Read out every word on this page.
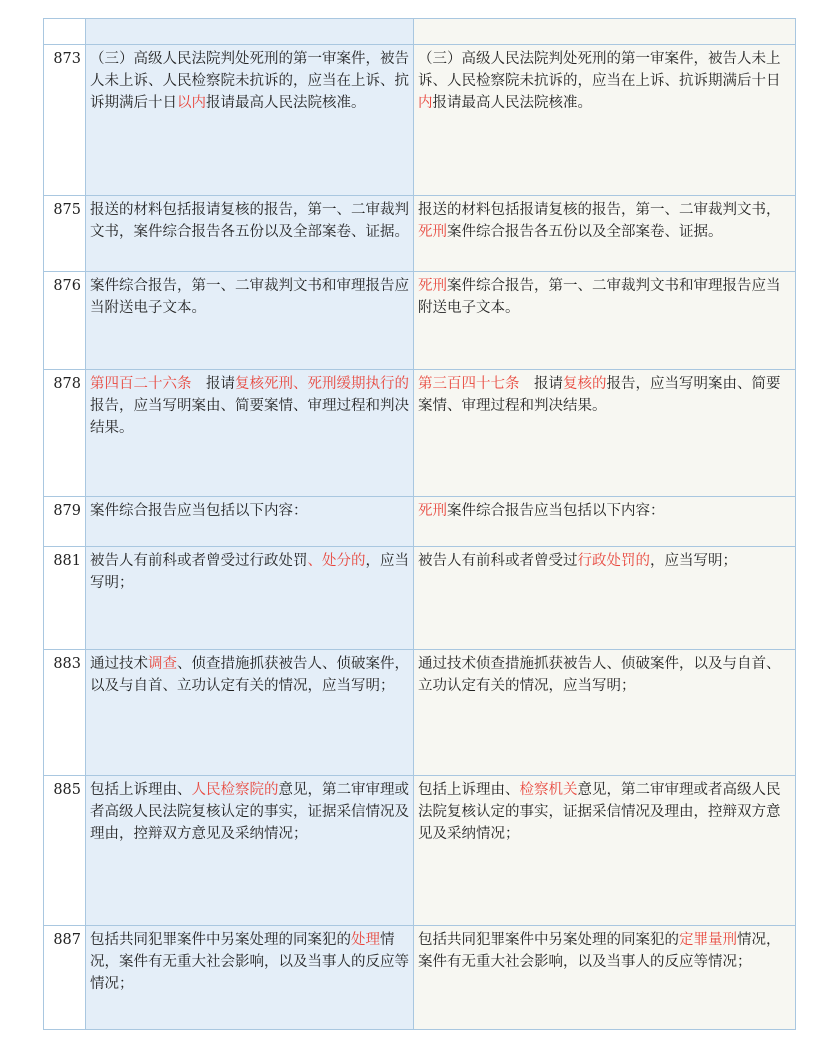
873	（三）高级人民法院判处死刑的第一审案件，被告人未上诉、人民检察院未抗诉的，应当在上诉、抗诉期满后十日以内报请最高人民法院核准。	（三）高级人民法院判处死刑的第一审案件，被告人未上诉、人民检察院未抗诉的，应当在上诉、抗诉期满后十日内报请最高人民法院核准。
875	报送的材料包括报请复核的报告，第一、二审裁判文书，案件综合报告各五份以及全部案卷、证据。	报送的材料包括报请复核的报告，第一、二审裁判文书，死刑案件综合报告各五份以及全部案卷、证据。
876	案件综合报告，第一、二审裁判文书和审理报告应当附送电子文本。	死刑案件综合报告，第一、二审裁判文书和审理报告应当附送电子文本。
878	第四百二十六条　报请复核死刑、死刑缓期执行的报告，应当写明案由、简要案情、审理过程和判决结果。	第三百四十七条　报请复核的报告，应当写明案由、简要案情、审理过程和判决结果。
879	案件综合报告应当包括以下内容：	死刑案件综合报告应当包括以下内容：
881	被告人有前科或者曾受过行政处罚、处分的，应当写明；	被告人有前科或者曾受过行政处罚的，应当写明；
883	通过技术调查、侦查措施抓获被告人、侦破案件，以及与自首、立功认定有关的情况，应当写明；	通过技术侦查措施抓获被告人、侦破案件，以及与自首、立功认定有关的情况，应当写明；
885	包括上诉理由、人民检察院的意见，第二审审理或者高级人民法院复核认定的事实，证据采信情况及理由，控辩双方意见及采纳情况；	包括上诉理由、检察机关意见，第二审审理或者高级人民法院复核认定的事实，证据采信情况及理由，控辩双方意见及采纳情况；
887	包括共同犯罪案件中另案处理的同案犯的处理情况，案件有无重大社会影响，以及当事人的反应等情况；	包括共同犯罪案件中另案处理的同案犯的定罪量刑情况，案件有无重大社会影响，以及当事人的反应等情况；
